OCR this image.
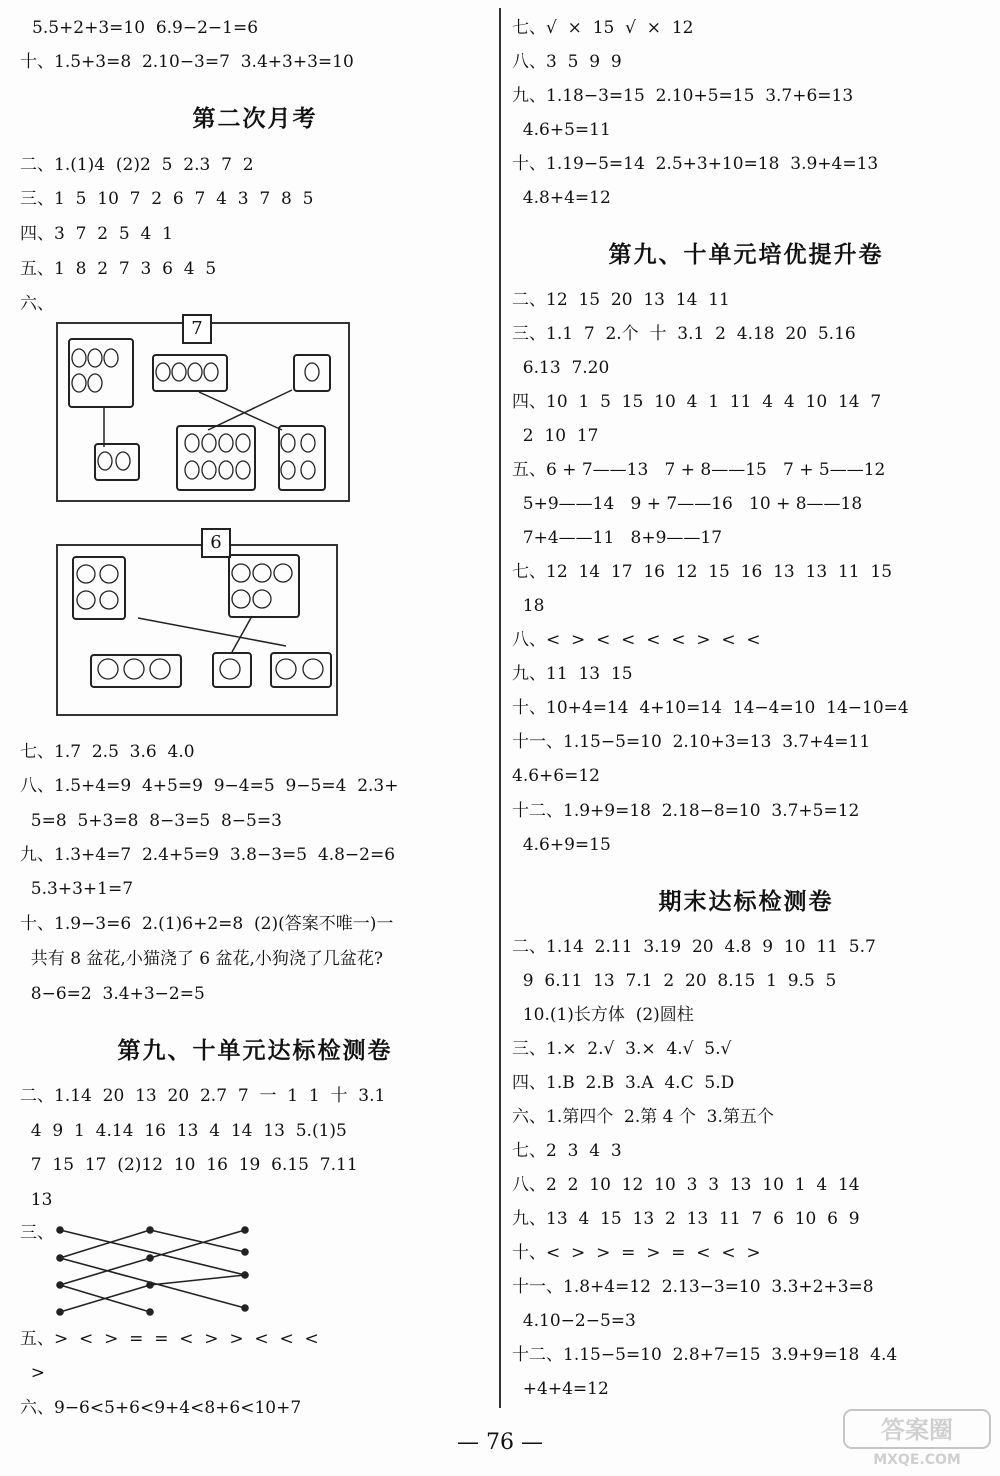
5.5+2+3=10  6.9−2−1=6
十、1.5+3=8  2.10−3=7  3.4+3+3=10
第二次月考
二、1.(1)4  (2)2  5  2.3  7  2
三、1  5  10  7  2  6  7  4  3  7  8  5
四、3  7  2  5  4  1
五、1  8  2  7  3  6  4  5
六、
7
6
七、1.7  2.5  3.6  4.0
八、1.5+4=9  4+5=9  9−4=5  9−5=4  2.3+
5=8  5+3=8  8−3=5  8−5=3
九、1.3+4=7  2.4+5=9  3.8−3=5  4.8−2=6
5.3+3+1=7
十、1.9−3=6  2.(1)6+2=8  (2)(答案不唯一)一
共有 8 盆花,小猫浇了 6 盆花,小狗浇了几盆花?
8−6=2  3.4+3−2=5
第九、十单元达标检测卷
二、1.14  20  13  20  2.7  7  一  1  1  十  3.1
4  9  1  4.14  16  13  4  14  13  5.(1)5
7  15  17  (2)12  10  16  19  6.15  7.11
13
三、
五、>  <  >  =  =  <  >  >  <  <  <
>
六、9−6<5+6<9+4<8+6<10+7
七、√  ×  15  √  ×  12
八、3  5  9  9
九、1.18−3=15  2.10+5=15  3.7+6=13
4.6+5=11
十、1.19−5=14  2.5+3+10=18  3.9+4=13
4.8+4=12
第九、十单元培优提升卷
二、12  15  20  13  14  11
三、1.1  7  2.个  十  3.1  2  4.18  20  5.16
6.13  7.20
四、10  1  5  15  10  4  1  11  4  4  10  14  7
2  10  17
五、6 + 7——13   7 + 8——15   7 + 5——12
5+9——14   9 + 7——16   10 + 8——18
7+4——11   8+9——17
七、12  14  17  16  12  15  16  13  13  11  15
18
八、<  >  <  <  <  <  >  <  <
九、11  13  15
十、10+4=14  4+10=14  14−4=10  14−10=4
十一、1.15−5=10  2.10+3=13  3.7+4=11
4.6+6=12
十二、1.9+9=18  2.18−8=10  3.7+5=12
4.6+9=15
期末达标检测卷
二、1.14  2.11  3.19  20  4.8  9  10  11  5.7
9  6.11  13  7.1  2  20  8.15  1  9.5  5
10.(1)长方体  (2)圆柱
三、1.×  2.√  3.×  4.√  5.√
四、1.B  2.B  3.A  4.C  5.D
六、1.第四个  2.第 4 个  3.第五个
七、2  3  4  3
八、2  2  10  12  10  3  3  13  10  1  4  14
九、13  4  15  13  2  13  11  7  6  10  6  9
十、<  >  >  =  >  =  <  <  >
十一、1.8+4=12  2.13−3=10  3.3+2+3=8
4.10−2−5=3
十二、1.15−5=10  2.8+7=15  3.9+9=18  4.4
+4+4=12
— 76 —	答案圈
MXQE.COM
